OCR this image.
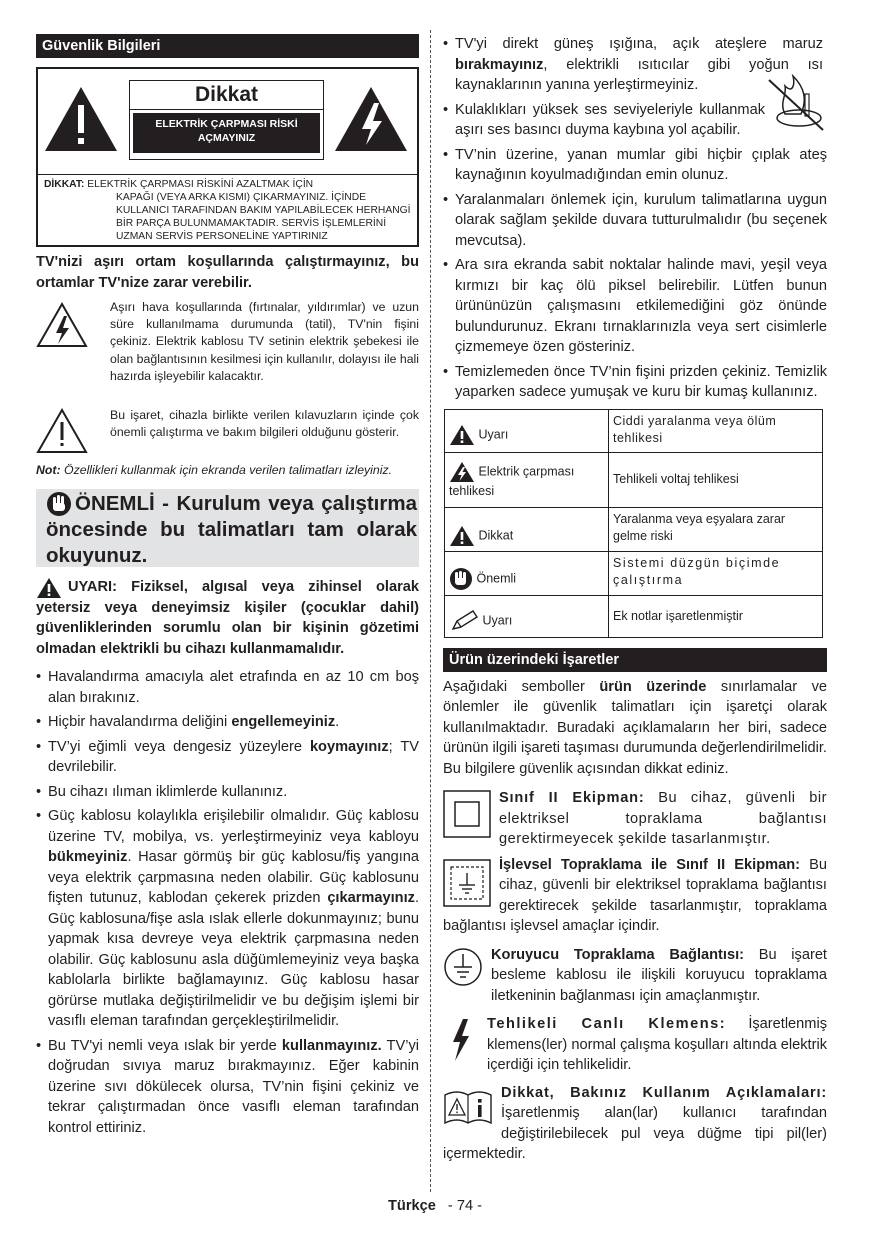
Güvenlik Bilgileri
Dikkat
ELEKTRİK ÇARPMASI RİSKİ AÇMAYINIZ
DİKKAT: ELEKTRİK ÇARPMASI RİSKİNİ AZALTMAK İÇİN
KAPAĞI (VEYA ARKA KISMI) ÇIKARMAYINIZ. İÇİNDE KULLANICI TARAFINDAN BAKIM YAPILABİLECEK HERHANGİ BİR PARÇA BULUNMAMAKTADIR. SERVİS İŞLEMLERİNİ UZMAN SERVİS PERSONELİNE YAPTIRINIZ
TV'nizi aşırı ortam koşullarında çalıştırmayınız, bu ortamlar TV'nize zarar verebilir.
Aşırı hava koşullarında (fırtınalar, yıldırımlar) ve uzun süre kullanılmama durumunda (tatil), TV'nin fişini çekiniz. Elektrik kablosu TV setinin elektrik şebekesi ile olan bağlantısının kesilmesi için kullanılır, dolayısı ile hali hazırda işleyebilir kalacaktır.
Bu işaret, cihazla birlikte verilen kılavuzların içinde çok önemli çalıştırma ve bakım bilgileri olduğunu gösterir.
Not: Özellikleri kullanmak için ekranda verilen talimatları izleyiniz.
ÖNEMLİ - Kurulum veya çalıştırma öncesinde bu talimatları tam olarak okuyunuz.
UYARI: Fiziksel, algısal veya zihinsel olarak yetersiz veya deneyimsiz kişiler (çocuklar dahil) güvenliklerinden sorumlu olan bir kişinin gözetimi olmadan elektrikli bu cihazı kullanmamalıdır.
• Havalandırma amacıyla alet etrafında en az 10 cm boş alan bırakınız.
• Hiçbir havalandırma deliğini engellemeyiniz.
• TV’yi eğimli veya dengesiz yüzeylere koymayınız; TV devrilebilir.
• Bu cihazı ılıman iklimlerde kullanınız.
• Güç kablosu kolaylıkla erişilebilir olmalıdır. Güç kablosu üzerine TV, mobilya, vs. yerleştirmeyiniz veya kabloyu bükmeyiniz. Hasar görmüş bir güç kablosu/fiş yangına veya elektrik çarpmasına neden olabilir. Güç kablosunu fişten tutunuz, kablodan çekerek prizden çıkarmayınız. Güç kablosuna/fişe asla ıslak ellerle dokunmayınız; bunu yapmak kısa devreye veya elektrik çarpmasına neden olabilir. Güç kablosunu asla düğümlemeyiniz veya başka kablolarla birlikte bağlamayınız. Güç kablosu hasar görürse mutlaka değiştirilmelidir ve bu değişim işlemi bir vasıflı eleman tarafından gerçekleştirilmelidir.
• Bu TV'yi nemli veya ıslak bir yerde kullanmayınız. TV’yi doğrudan sıvıya maruz bırakmayınız. Eğer kabinin üzerine sıvı dökülecek olursa, TV’nin fişini çekiniz ve tekrar çalıştırmadan önce vasıflı eleman tarafından kontrol ettiriniz.
• TV'yi direkt güneş ışığına, açık ateşlere maruz bırakmayınız, elektrikli ısıtıcılar gibi yoğun ısı kaynaklarının yanına yerleştirmeyiniz.
• Kulaklıkları yüksek ses seviyeleriyle kullanmak aşırı ses basıncı duyma kaybına yol açabilir.
• TV’nin üzerine, yanan mumlar gibi hiçbir çıplak ateş kaynağının koyulmadığından emin olunuz.
• Yaralanmaları önlemek için, kurulum talimatlarına uygun olarak sağlam şekilde duvara tutturulmalıdır (bu seçenek mevcutsa).
• Ara sıra ekranda sabit noktalar halinde mavi, yeşil veya kırmızı bir kaç ölü piksel belirebilir. Lütfen bunun ürününüzün çalışmasını etkilemediğini göz önünde bulundurunuz. Ekranı tırnaklarınızla veya sert cisimlerle çizmemeye özen gösteriniz.
• Temizlemeden önce TV’nin fişini prizden çekiniz. Temizlik yaparken sadece yumuşak ve kuru bir kumaş kullanınız.
Uyarı	Ciddi yaralanma veya ölüm tehlikesi
Elektrik çarpması tehlikesi	Tehlikeli voltaj tehlikesi
Dikkat	Yaralanma veya eşyalara zarar gelme riski
Önemli	Sistemi düzgün biçimde çalıştırma
Uyarı	Ek notlar işaretlenmiştir
Ürün üzerindeki İşaretler
Aşağıdaki semboller ürün üzerinde sınırlamalar ve önlemler ile güvenlik talimatları için işaretçi olarak kullanılmaktadır. Buradaki açıklamaların her biri, sadece ürünün ilgili işareti taşıması durumunda değerlendirilmelidir. Bu bilgilere güvenlik açısından dikkat ediniz.
Sınıf II Ekipman: Bu cihaz, güvenli bir elektriksel topraklama bağlantısı gerektirmeyecek şekilde tasarlanmıştır.
İşlevsel Topraklama ile Sınıf II Ekipman: Bu cihaz, güvenli bir elektriksel topraklama bağlantısı gerektirecek şekilde tasarlanmıştır, topraklama bağlantısı işlevsel amaçlar içindir.
Koruyucu Topraklama Bağlantısı: Bu işaret besleme kablosu ile ilişkili koruyucu topraklama iletkeninin bağlanması için amaçlanmıştır.
Tehlikeli Canlı Klemens: İşaretlenmiş klemens(ler) normal çalışma koşulları altında elektrik içerdiği için tehlikelidir.
Dikkat, Bakınız Kullanım Açıklamaları: İşaretlenmiş alan(lar) kullanıcı tarafından değiştirilebilecek pul veya düğme tipi pil(ler) içermektedir.
Türkçe - 74 -
